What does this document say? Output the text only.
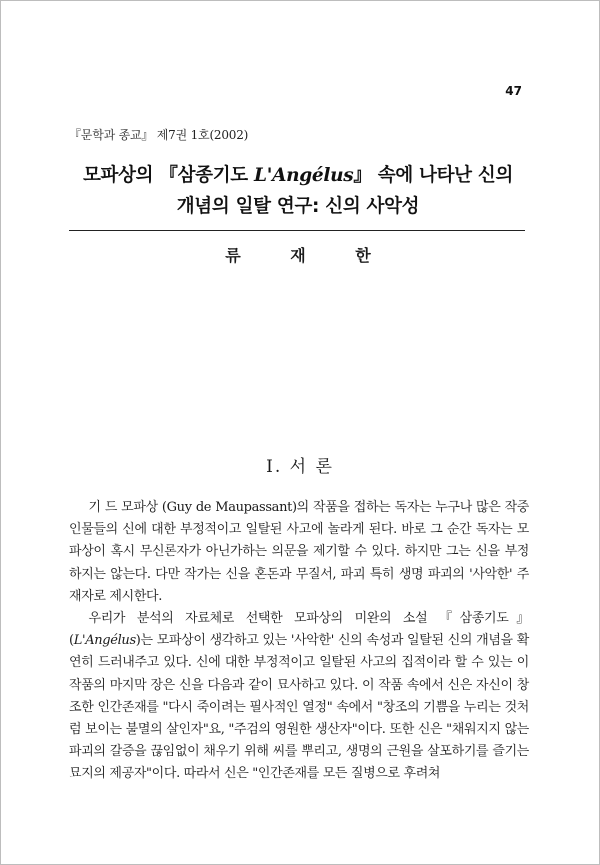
47
『문학과 종교』 제7권 1호(2002)
모파상의 『삼종기도 L'Angélus』 속에 나타난 신의
개념의 일탈 연구: 신의 사악성
류 재 한
I. 서 론

기 드 모파상 (Guy de Maupassant)의 작품을 접하는 독자는 누구나 많은 작중 인물들의 신에 대한 부정적이고 일탈된 사고에 놀라게 된다. 바로 그 순간 독자는 모파상이 혹시 무신론자가 아닌가하는 의문을 제기할 수 있다. 하지만 그는 신을 부정하지는 않는다. 다만 작가는 신을 혼돈과 무질서, 파괴 특히 생명 파괴의 '사악한' 주재자로 제시한다.

우리가 분석의 자료체로 선택한 모파상의 미완의 소설 『삼종기도』(L'Angélus)는 모파상이 생각하고 있는 '사악한' 신의 속성과 일탈된 신의 개념을 확연히 드러내주고 있다. 신에 대한 부정적이고 일탈된 사고의 집적이라 할 수 있는 이 작품의 마지막 장은 신을 다음과 같이 묘사하고 있다. 이 작품 속에서 신은 자신이 창조한 인간존재를 "다시 죽이려는 필사적인 열정" 속에서 "창조의 기쁨을 누리는 것처럼 보이는 불멸의 살인자"요, "주검의 영원한 생산자"이다. 또한 신은 "채워지지 않는 파괴의 갈증을 끊임없이 채우기 위해 씨를 뿌리고, 생명의 근원을 살포하기를 즐기는 묘지의 제공자"이다. 따라서 신은 "인간존재를 모든 질병으로 후려쳐
